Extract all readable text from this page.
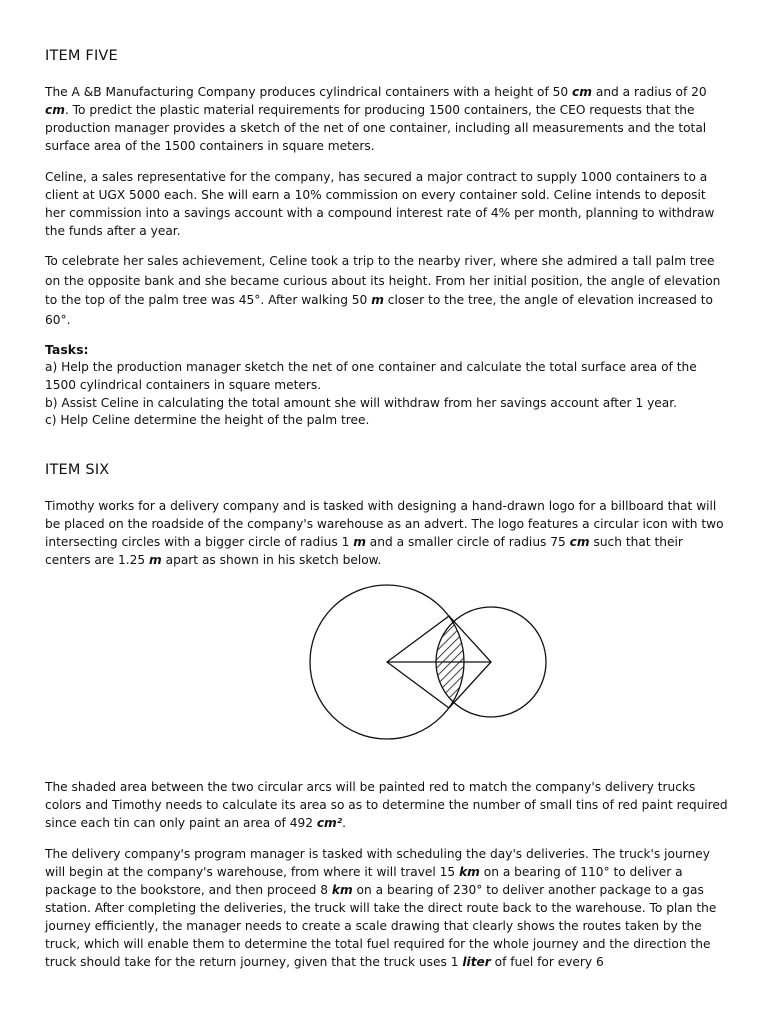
ITEM FIVE

The A &B Manufacturing Company produces cylindrical containers with a height of 50 cm and a radius of 20 cm. To predict the plastic material requirements for producing 1500 containers, the CEO requests that the production manager provides a sketch of the net of one container, including all measurements and the total surface area of the 1500 containers in square meters.

Celine, a sales representative for the company, has secured a major contract to supply 1000 containers to a client at UGX 5000 each. She will earn a 10% commission on every container sold. Celine intends to deposit her commission into a savings account with a compound interest rate of 4% per month, planning to withdraw the funds after a year.

To celebrate her sales achievement, Celine took a trip to the nearby river, where she admired a tall palm tree on the opposite bank and she became curious about its height. From her initial position, the angle of elevation to the top of the palm tree was 45°. After walking 50 m closer to the tree, the angle of elevation increased to 60°.

Tasks:

a) Help the production manager sketch the net of one container and calculate the total surface area of the 1500 cylindrical containers in square meters.

b) Assist Celine in calculating the total amount she will withdraw from her savings account after 1 year.

c) Help Celine determine the height of the palm tree.

ITEM SIX

Timothy works for a delivery company and is tasked with designing a hand-drawn logo for a billboard that will be placed on the roadside of the company's warehouse as an advert. The logo features a circular icon with two intersecting circles with a bigger circle of radius 1 m and a smaller circle of radius 75 cm such that their centers are 1.25 m apart as shown in his sketch below.

The shaded area between the two circular arcs will be painted red to match the company's delivery trucks colors and Timothy needs to calculate its area so as to determine the number of small tins of red paint required since each tin can only paint an area of 492 cm².

The delivery company's program manager is tasked with scheduling the day's deliveries. The truck's journey will begin at the company's warehouse, from where it will travel 15 km on a bearing of 110° to deliver a package to the bookstore, and then proceed 8 km on a bearing of 230° to deliver another package to a gas station. After completing the deliveries, the truck will take the direct route back to the warehouse. To plan the journey efficiently, the manager needs to create a scale drawing that clearly shows the routes taken by the truck, which will enable them to determine the total fuel required for the whole journey and the direction the truck should take for the return journey, given that the truck uses 1 liter of fuel for every 6
